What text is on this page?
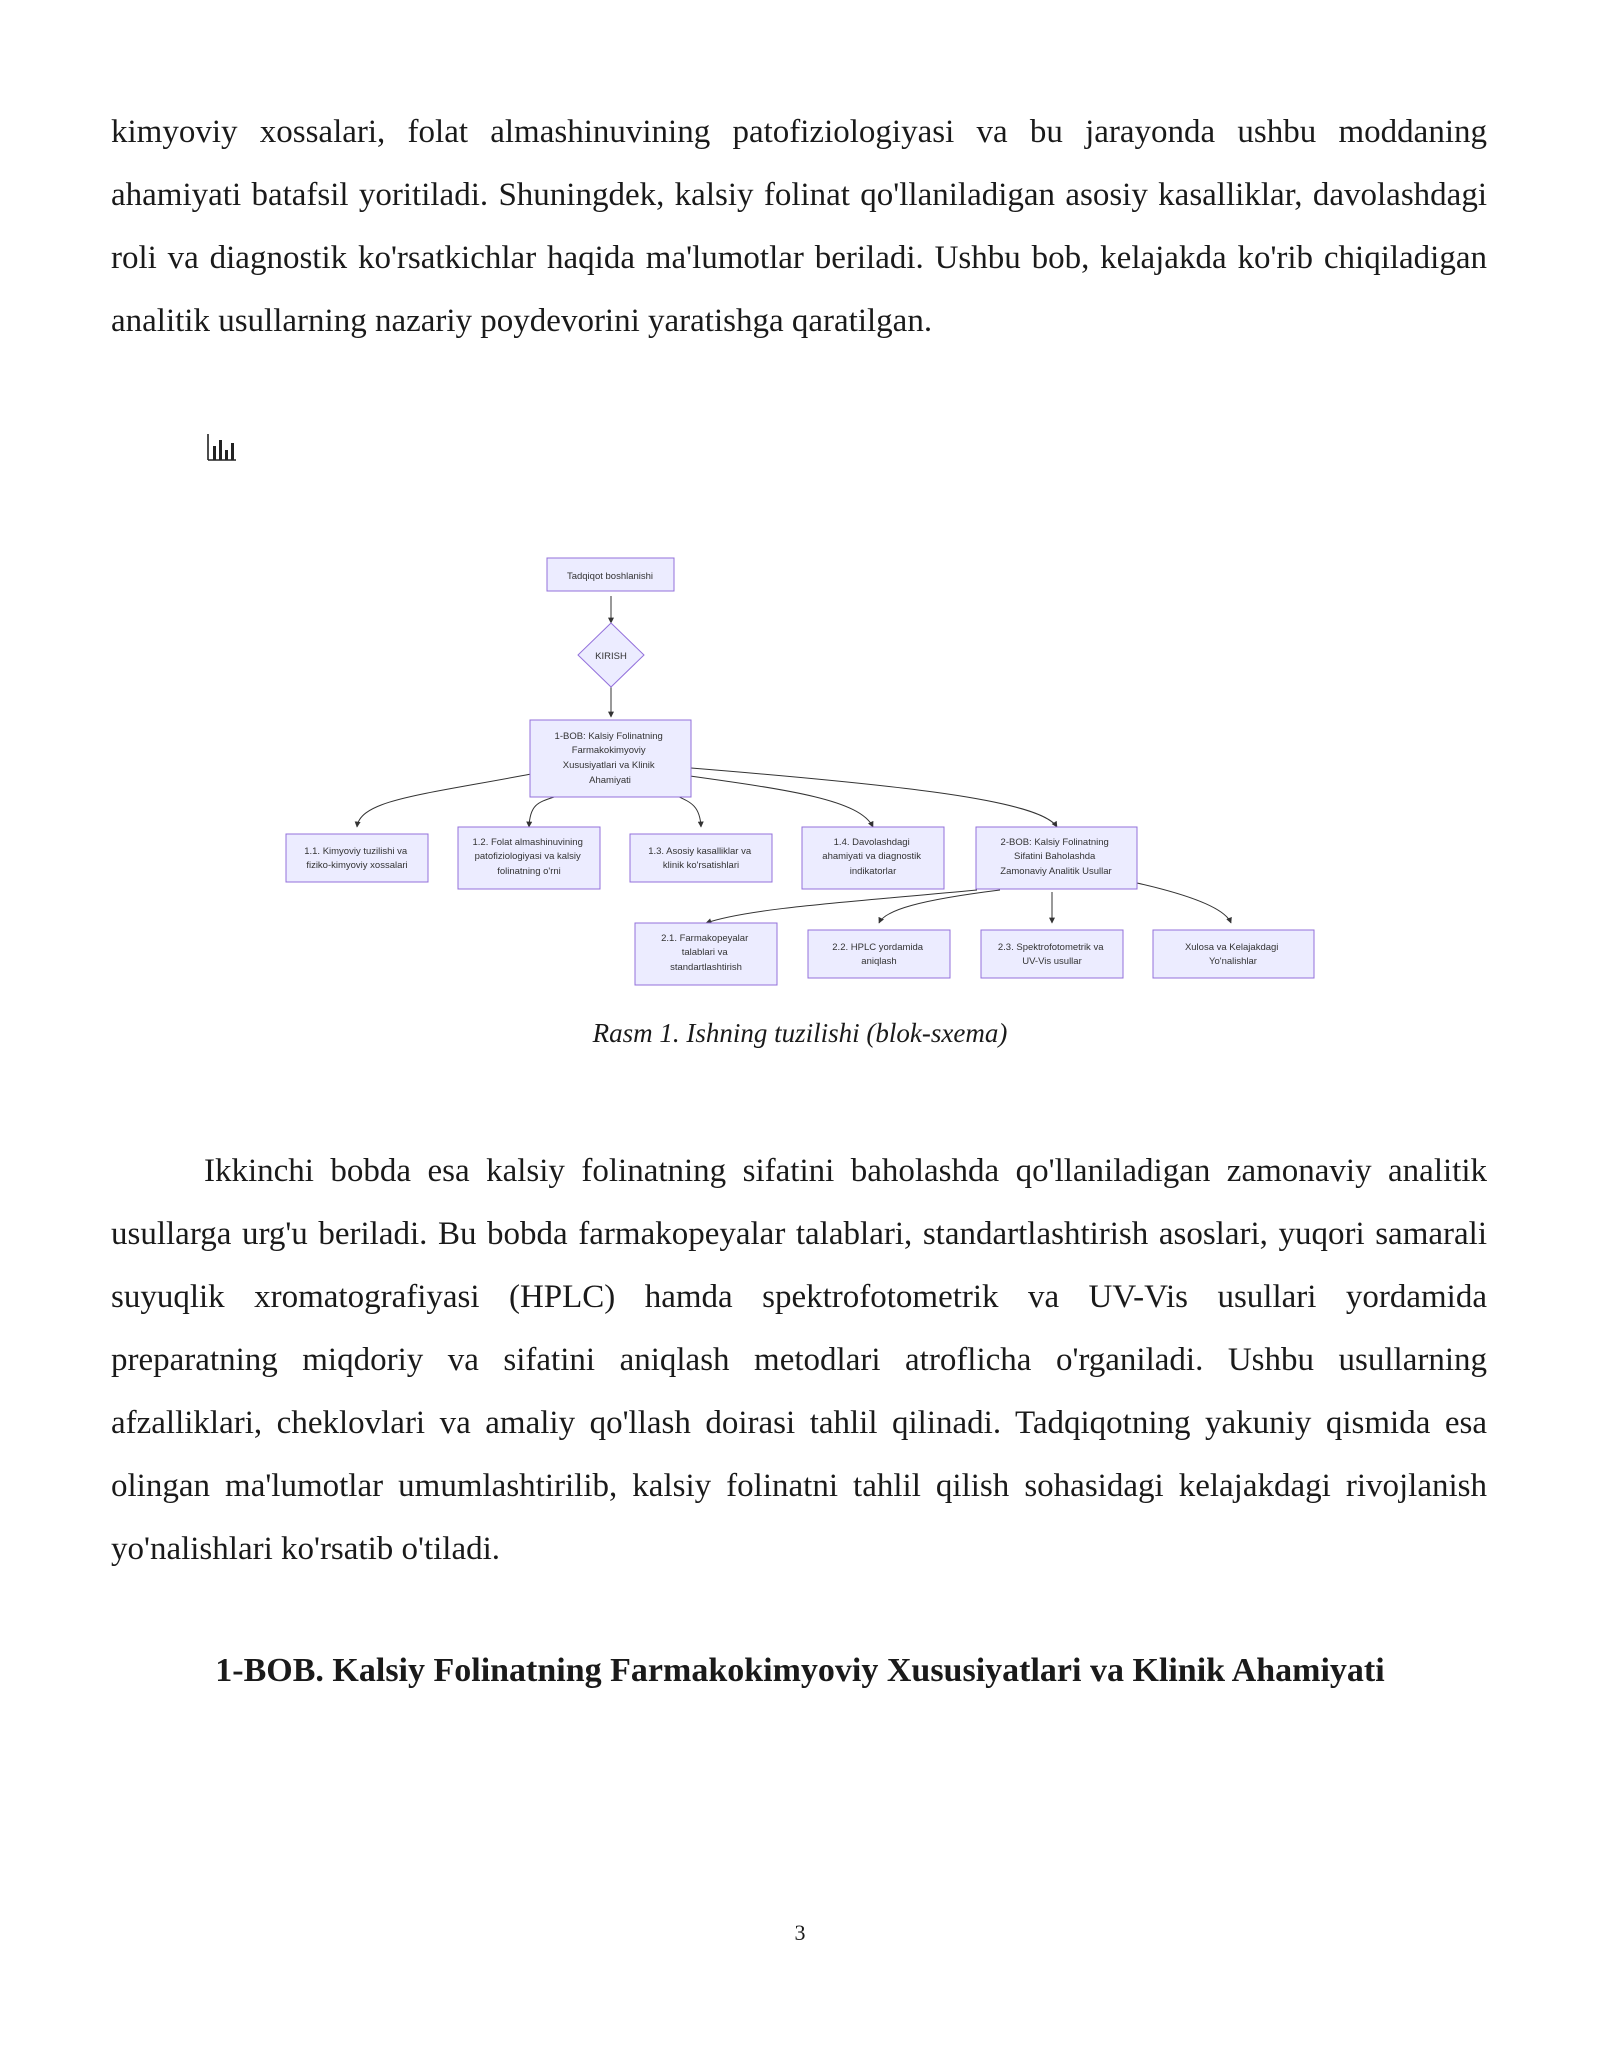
kimyoviy xossalari, folat almashinuvining patofiziologiyasi va bu jarayonda ushbu moddaning ahamiyati batafsil yoritiladi. Shuningdek, kalsiy folinat qo'llaniladigan asosiy kasalliklar, davolashdagi roli va diagnostik ko'rsatkichlar haqida ma'lumotlar beriladi. Ushbu bob, kelajakda ko'rib chiqiladigan analitik usullarning nazariy poydevorini yaratishga qaratilgan.

Tadqiqot boshlanishi
KIRISH
1-BOB: Kalsiy Folinatning Farmakokimyoviy Xususiyatlari va Klinik Ahamiyati
1.1. Kimyoviy tuzilishi va fiziko-kimyoviy xossalari
1.2. Folat almashinuvining patofiziologiyasi va kalsiy folinatning o'rni
1.3. Asosiy kasalliklar va klinik ko'rsatishlari
1.4. Davolashdagi ahamiyati va diagnostik indikatorlar
2-BOB: Kalsiy Folinatning Sifatini Baholashda Zamonaviy Analitik Usullar
2.1. Farmakopeyalar talablari va standartlashtirish
2.2. HPLC yordamida aniqlash
2.3. Spektrofotometrik va UV-Vis usullar
Xulosa va Kelajakdagi Yo'nalishlar

Rasm 1. Ishning tuzilishi (blok-sxema)

Ikkinchi bobda esa kalsiy folinatning sifatini baholashda qo'llaniladigan zamonaviy analitik usullarga urg'u beriladi. Bu bobda farmakopeyalar talablari, standartlashtirish asoslari, yuqori samarali suyuqlik xromatografiyasi (HPLC) hamda spektrofotometrik va UV-Vis usullari yordamida preparatning miqdoriy va sifatini aniqlash metodlari atroflicha o'rganiladi. Ushbu usullarning afzalliklari, cheklovlari va amaliy qo'llash doirasi tahlil qilinadi. Tadqiqotning yakuniy qismida esa olingan ma'lumotlar umumlashtirilib, kalsiy folinatni tahlil qilish sohasidagi kelajakdagi rivojlanish yo'nalishlari ko'rsatib o'tiladi.

1-BOB. Kalsiy Folinatning Farmakokimyoviy Xususiyatlari va Klinik Ahamiyati
3
